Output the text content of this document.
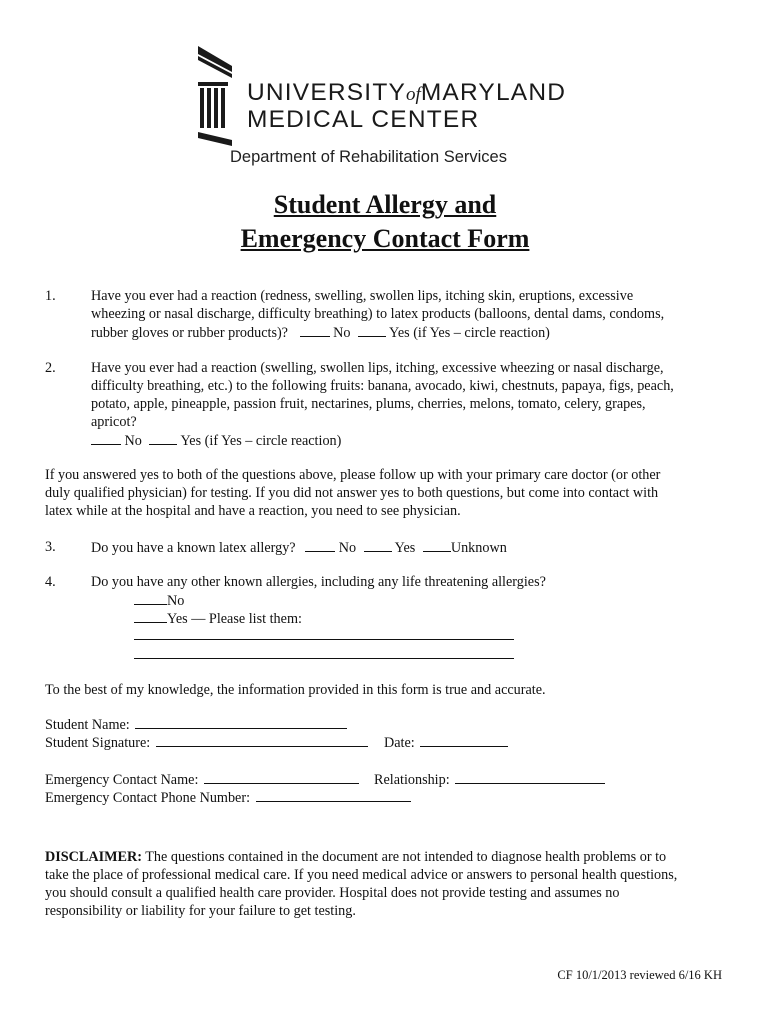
UNIVERSITYofMARYLAND
MEDICAL CENTER
Department of Rehabilitation Services
Student Allergy and
Emergency Contact Form
1. Have you ever had a reaction (redness, swelling, swollen lips, itching skin, eruptions, excessive
wheezing or nasal discharge, difficulty breathing) to latex products (balloons, dental dams, condoms,
rubber gloves or rubber products)?	No	Yes (if Yes – circle reaction)
2. Have you ever had a reaction (swelling, swollen lips, itching, excessive wheezing or nasal discharge,
difficulty breathing, etc.) to the following fruits: banana, avocado, kiwi, chestnuts, papaya, figs, peach,
potato, apple, pineapple, passion fruit, nectarines, plums, cherries, melons, tomato, celery, grapes,
apricot?
No	Yes (if Yes – circle reaction)
If you answered yes to both of the questions above, please follow up with your primary care doctor (or other
duly qualified physician) for testing. If you did not answer yes to both questions, but come into contact with
latex while at the hospital and have a reaction, you need to see physician.
3. Do you have a known latex allergy?	No	Yes	Unknown
4. Do you have any other known allergies, including any life threatening allergies?
No
Yes — Please list them:
To the best of my knowledge, the information provided in this form is true and accurate.
Student Name:
Student Signature:	Date:
Emergency Contact Name:	Relationship:
Emergency Contact Phone Number:
DISCLAIMER: The questions contained in the document are not intended to diagnose health problems or to
take the place of professional medical care. If you need medical advice or answers to personal health questions,
you should consult a qualified health care provider. Hospital does not provide testing and assumes no
responsibility or liability for your failure to get testing.
CF 10/1/2013 reviewed 6/16 KH
